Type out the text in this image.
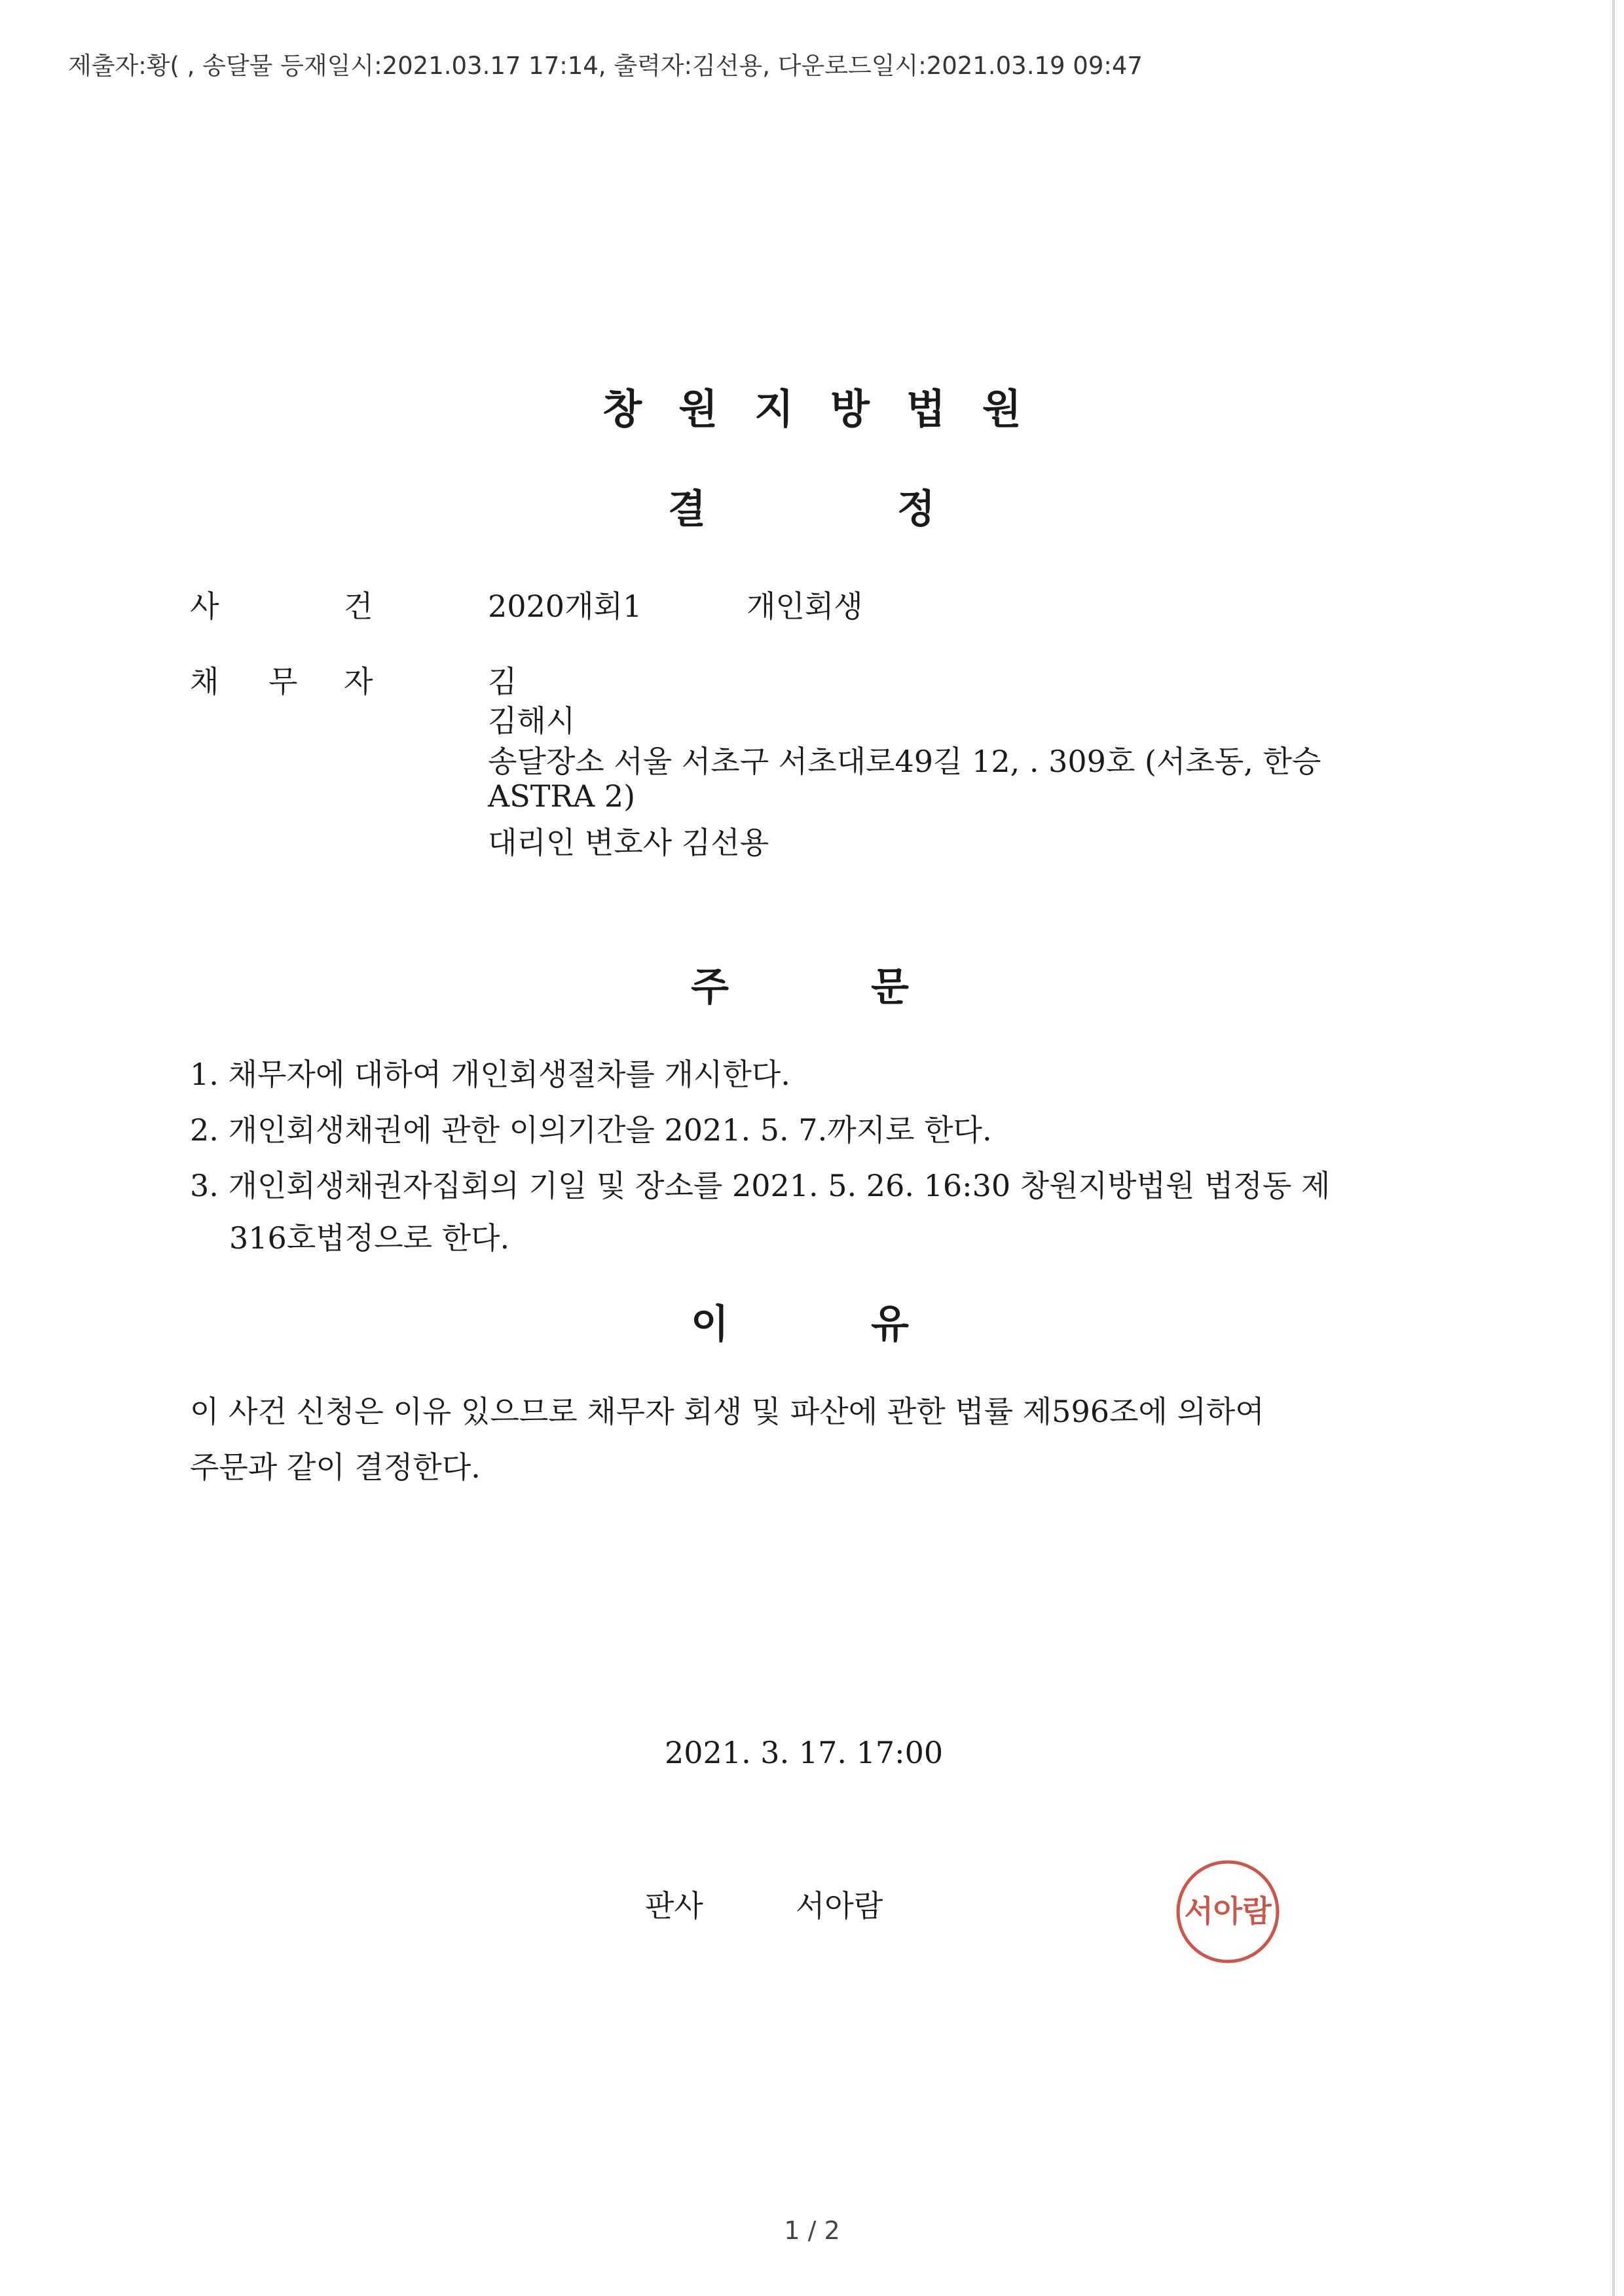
제출자:황( , 송달물 등재일시:2021.03.17 17:14, 출력자:김선용, 다운로드일시:2021.03.19 09:47
창 원 지 방 법 원
결	정
사	건	2020개회1	개인회생
채 무 자	김
김해시
송달장소 서울 서초구 서초대로49길 12, . 309호 (서초동, 한승
ASTRA 2)
대리인 변호사 김선용
주	문
1. 채무자에 대하여 개인회생절차를 개시한다.
2. 개인회생채권에 관한 이의기간을 2021. 5. 7.까지로 한다.
3. 개인회생채권자집회의 기일 및 장소를 2021. 5. 26. 16:30 창원지방법원 법정동 제
316호법정으로 한다.
이	유
이 사건 신청은 이유 있으므로 채무자 회생 및 파산에 관한 법률 제596조에 의하여
주문과 같이 결정한다.
2021. 3. 17. 17:00
판사	서아람	서아람
1 / 2
